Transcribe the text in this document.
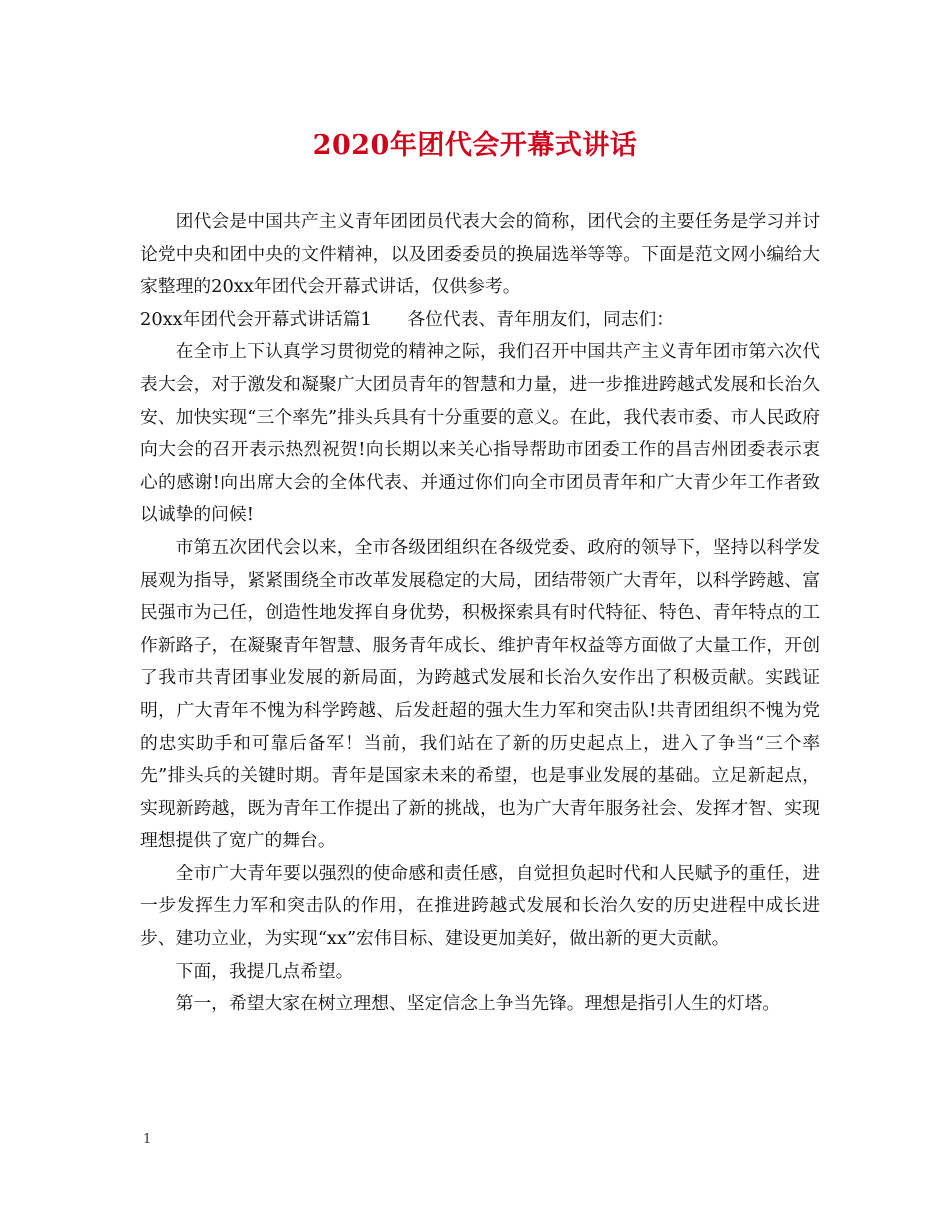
2020年团代会开幕式讲话

团代会是中国共产主义青年团团员代表大会的简称，团代会的主要任务是学习并讨论党中央和团中央的文件精神，以及团委委员的换届选举等等。下面是范文网小编给大家整理的20xx年团代会开幕式讲话，仅供参考。

20xx年团代会开幕式讲话篇1　　各位代表、青年朋友们，同志们：

在全市上下认真学习贯彻党的精神之际，我们召开中国共产主义青年团市第六次代表大会，对于激发和凝聚广大团员青年的智慧和力量，进一步推进跨越式发展和长治久安、加快实现“三个率先”排头兵具有十分重要的意义。在此，我代表市委、市人民政府向大会的召开表示热烈祝贺!向长期以来关心指导帮助市团委工作的昌吉州团委表示衷心的感谢!向出席大会的全体代表、并通过你们向全市团员青年和广大青少年工作者致以诚挚的问候!

市第五次团代会以来，全市各级团组织在各级党委、政府的领导下，坚持以科学发展观为指导，紧紧围绕全市改革发展稳定的大局，团结带领广大青年，以科学跨越、富民强市为己任，创造性地发挥自身优势，积极探索具有时代特征、特色、青年特点的工作新路子，在凝聚青年智慧、服务青年成长、维护青年权益等方面做了大量工作，开创了我市共青团事业发展的新局面，为跨越式发展和长治久安作出了积极贡献。实践证明，广大青年不愧为科学跨越、后发赶超的强大生力军和突击队!共青团组织不愧为党的忠实助手和可靠后备军！当前，我们站在了新的历史起点上，进入了争当“三个率先”排头兵的关键时期。青年是国家未来的希望，也是事业发展的基础。立足新起点，实现新跨越，既为青年工作提出了新的挑战，也为广大青年服务社会、发挥才智、实现理想提供了宽广的舞台。

全市广大青年要以强烈的使命感和责任感，自觉担负起时代和人民赋予的重任，进一步发挥生力军和突击队的作用，在推进跨越式发展和长治久安的历史进程中成长进步、建功立业，为实现“xx”宏伟目标、建设更加美好，做出新的更大贡献。

下面，我提几点希望。

第一，希望大家在树立理想、坚定信念上争当先锋。理想是指引人生的灯塔。

1
